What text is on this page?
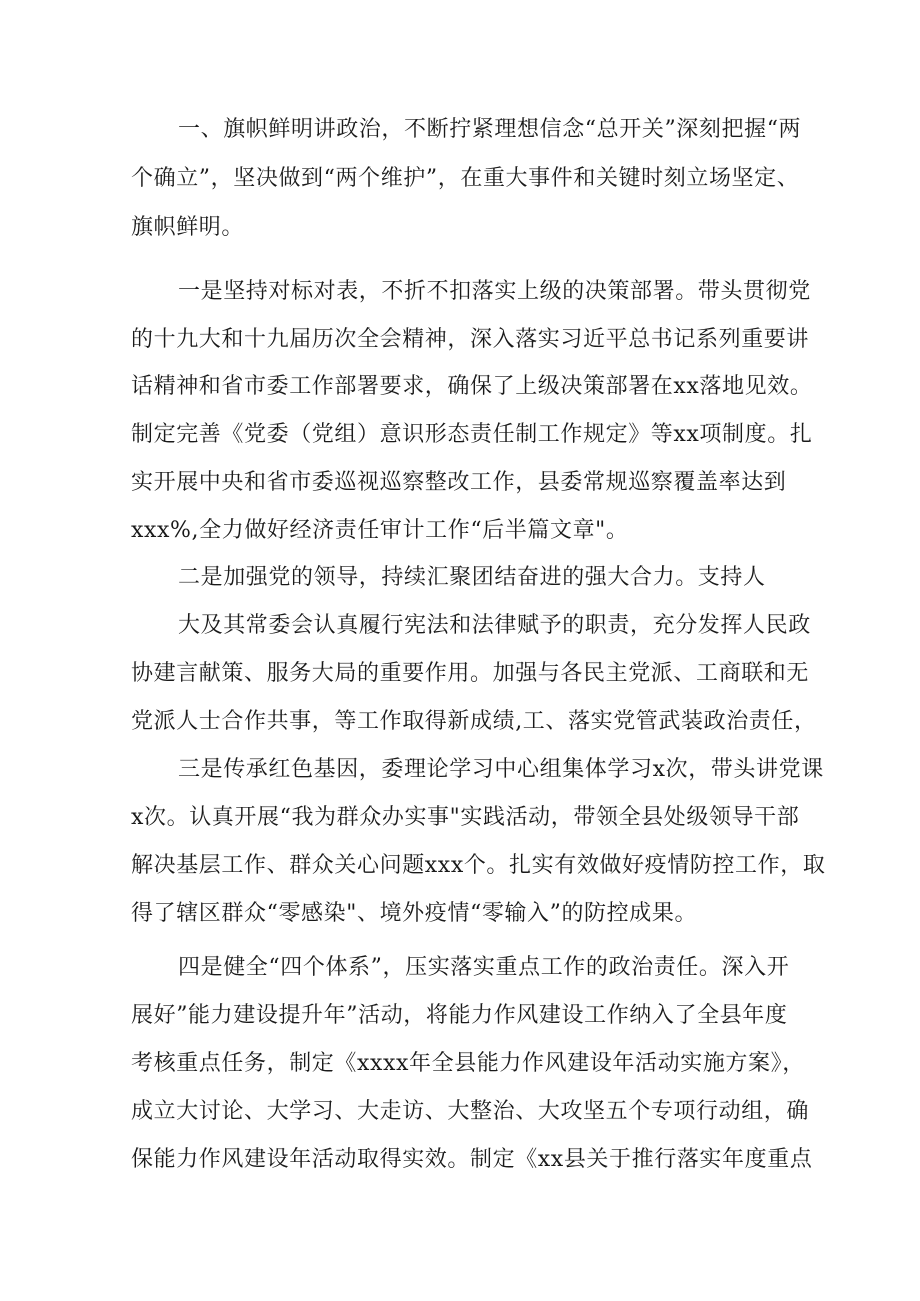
一、旗帜鲜明讲政治，不断拧紧理想信念“总开关”深刻把握“两
个确立”，坚决做到“两个维护”，在重大事件和关键时刻立场坚定、
旗帜鲜明。
一是坚持对标对表，不折不扣落实上级的决策部署。带头贯彻党
的十九大和十九届历次全会精神，深入落实习近平总书记系列重要讲
话精神和省市委工作部署要求，确保了上级决策部署在xx落地见效。
制定完善《党委（党组）意识形态责任制工作规定》等xx项制度。扎
实开展中央和省市委巡视巡察整改工作，县委常规巡察覆盖率达到
xxx%,全力做好经济责任审计工作“后半篇文章"。
二是加强党的领导，持续汇聚团结奋进的强大合力。支持人
大及其常委会认真履行宪法和法律赋予的职责，充分发挥人民政
协建言献策、服务大局的重要作用。加强与各民主党派、工商联和无
党派人士合作共事，等工作取得新成绩,工、落实党管武装政治责任，
三是传承红色基因，委理论学习中心组集体学习x次，带头讲党课
x次。认真开展“我为群众办实事"实践活动，带领全县处级领导干部
解决基层工作、群众关心问题xxx个。扎实有效做好疫情防控工作，取
得了辖区群众“零感染"、境外疫情“零输入”的防控成果。
四是健全“四个体系”，压实落实重点工作的政治责任。深入开
展好”能力建设提升年”活动，将能力作风建设工作纳入了全县年度
考核重点任务，制定《xxxx年全县能力作风建设年活动实施方案》，
成立大讨论、大学习、大走访、大整治、大攻坚五个专项行动组，确
保能力作风建设年活动取得实效。制定《xx县关于推行落实年度重点
